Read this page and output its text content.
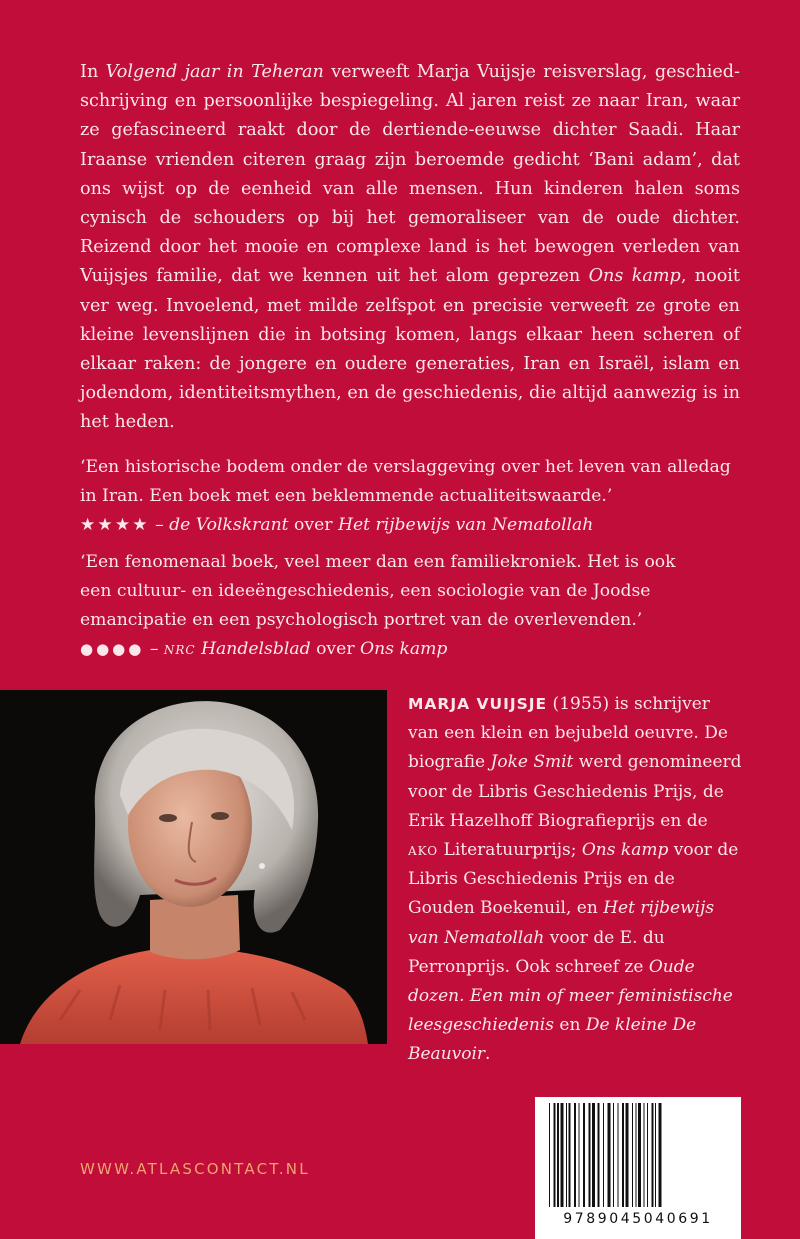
In Volgend jaar in Teheran verweeft Marja Vuijsje reisverslag, geschiedschrijving en persoonlijke bespiegeling. Al jaren reist ze naar Iran, waar ze gefascineerd raakt door de dertiende-eeuwse dichter Saadi. Haar Iraanse vrienden citeren graag zijn beroemde gedicht ‘Bani adam’, dat ons wijst op de eenheid van alle mensen. Hun kinderen halen soms cynisch de schouders op bij het gemoraliseer van de oude dichter. Reizend door het mooie en complexe land is het bewogen verleden van Vuijsjes familie, dat we kennen uit het alom geprezen Ons kamp, nooit ver weg. Invoelend, met milde zelfspot en precisie verweeft ze grote en kleine levenslijnen die in botsing komen, langs elkaar heen scheren of elkaar raken: de jongere en oudere generaties, Iran en Israël, islam en jodendom, identiteitsmythen, en de geschiedenis, die altijd aanwezig is in het heden.

‘Een historische bodem onder de verslaggeving over het leven van alledag
in Iran. Een boek met een beklemmende actualiteitswaarde.’
★★★★ – de Volkskrant over Het rijbewijs van Nematollah

‘Een fenomenaal boek, veel meer dan een familiekroniek. Het is ook
een cultuur- en ideeëngeschiedenis, een sociologie van de Joodse
emancipatie en een psychologisch portret van de overlevenden.’
●●●● – nrc Handelsblad over Ons kamp

MARJA VUIJSJE (1955) is schrijver van een klein en bejubeld oeuvre. De biografie Joke Smit werd genomineerd voor de Libris Geschiedenis Prijs, de Erik Hazelhoff Biografieprijs en de ako Literatuurprijs; Ons kamp voor de Libris Geschiedenis Prijs en de Gouden Boekenuil, en Het rijbewijs van Nematollah voor de E. du Perronprijs. Ook schreef ze Oude dozen. Een min of meer feministische leesgeschiedenis en De kleine De Beauvoir.

WWW.ATLASCONTACT.NL
9789045040691
